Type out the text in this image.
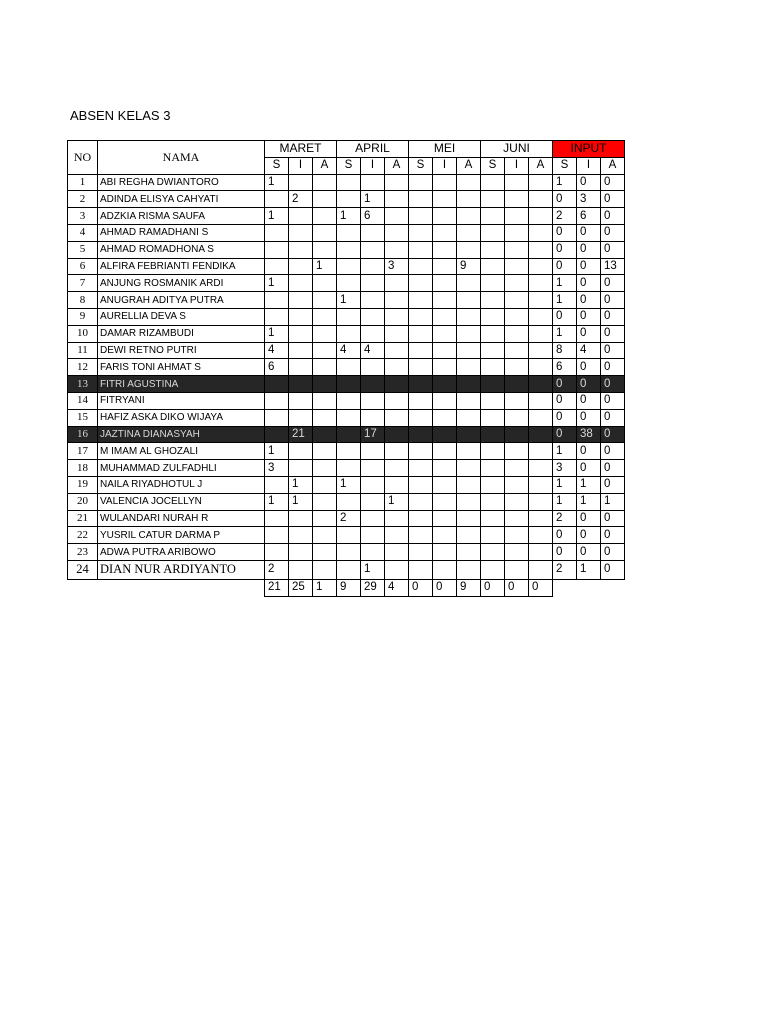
ABSEN KELAS 3
NO	NAMA	MARET			APRIL			MEI			JUNI			INPUT		
		S	I	A	S	I	A	S	I	A	S	I	A	S	I	A
1	ABI REGHA DWIANTORO	1												1	0	0
2	ADINDA ELISYA CAHYATI		2			1								0	3	0
3	ADZKIA RISMA SAUFA	1			1	6								2	6	0
4	AHMAD RAMADHANI S													0	0	0
5	AHMAD ROMADHONA S													0	0	0
6	ALFIRA FEBRIANTI FENDIKA			1			3			9				0	0	13
7	ANJUNG ROSMANIK ARDI	1												1	0	0
8	ANUGRAH ADITYA PUTRA				1									1	0	0
9	AURELLIA DEVA S													0	0	0
10	DAMAR RIZAMBUDI	1												1	0	0
11	DEWI RETNO PUTRI	4			4	4								8	4	0
12	FARIS TONI AHMAT S	6												6	0	0
13	FITRI AGUSTINA													0	0	0
14	FITRYANI													0	0	0
15	HAFIZ ASKA DIKO WIJAYA													0	0	0
16	JAZTINA DIANASYAH		21			17								0	38	0
17	M IMAM AL GHOZALI	1												1	0	0
18	MUHAMMAD ZULFADHLI	3												3	0	0
19	NAILA RIYADHOTUL J		1		1									1	1	0
20	VALENCIA JOCELLYN	1	1				1							1	1	1
21	WULANDARI NURAH R				2									2	0	0
22	YUSRIL CATUR DARMA P													0	0	0
23	ADWA PUTRA ARIBOWO													0	0	0
24	DIAN NUR ARDIYANTO	2				1								2	1	0
		21	25	1	9	29	4	0	0	9	0	0	0			
